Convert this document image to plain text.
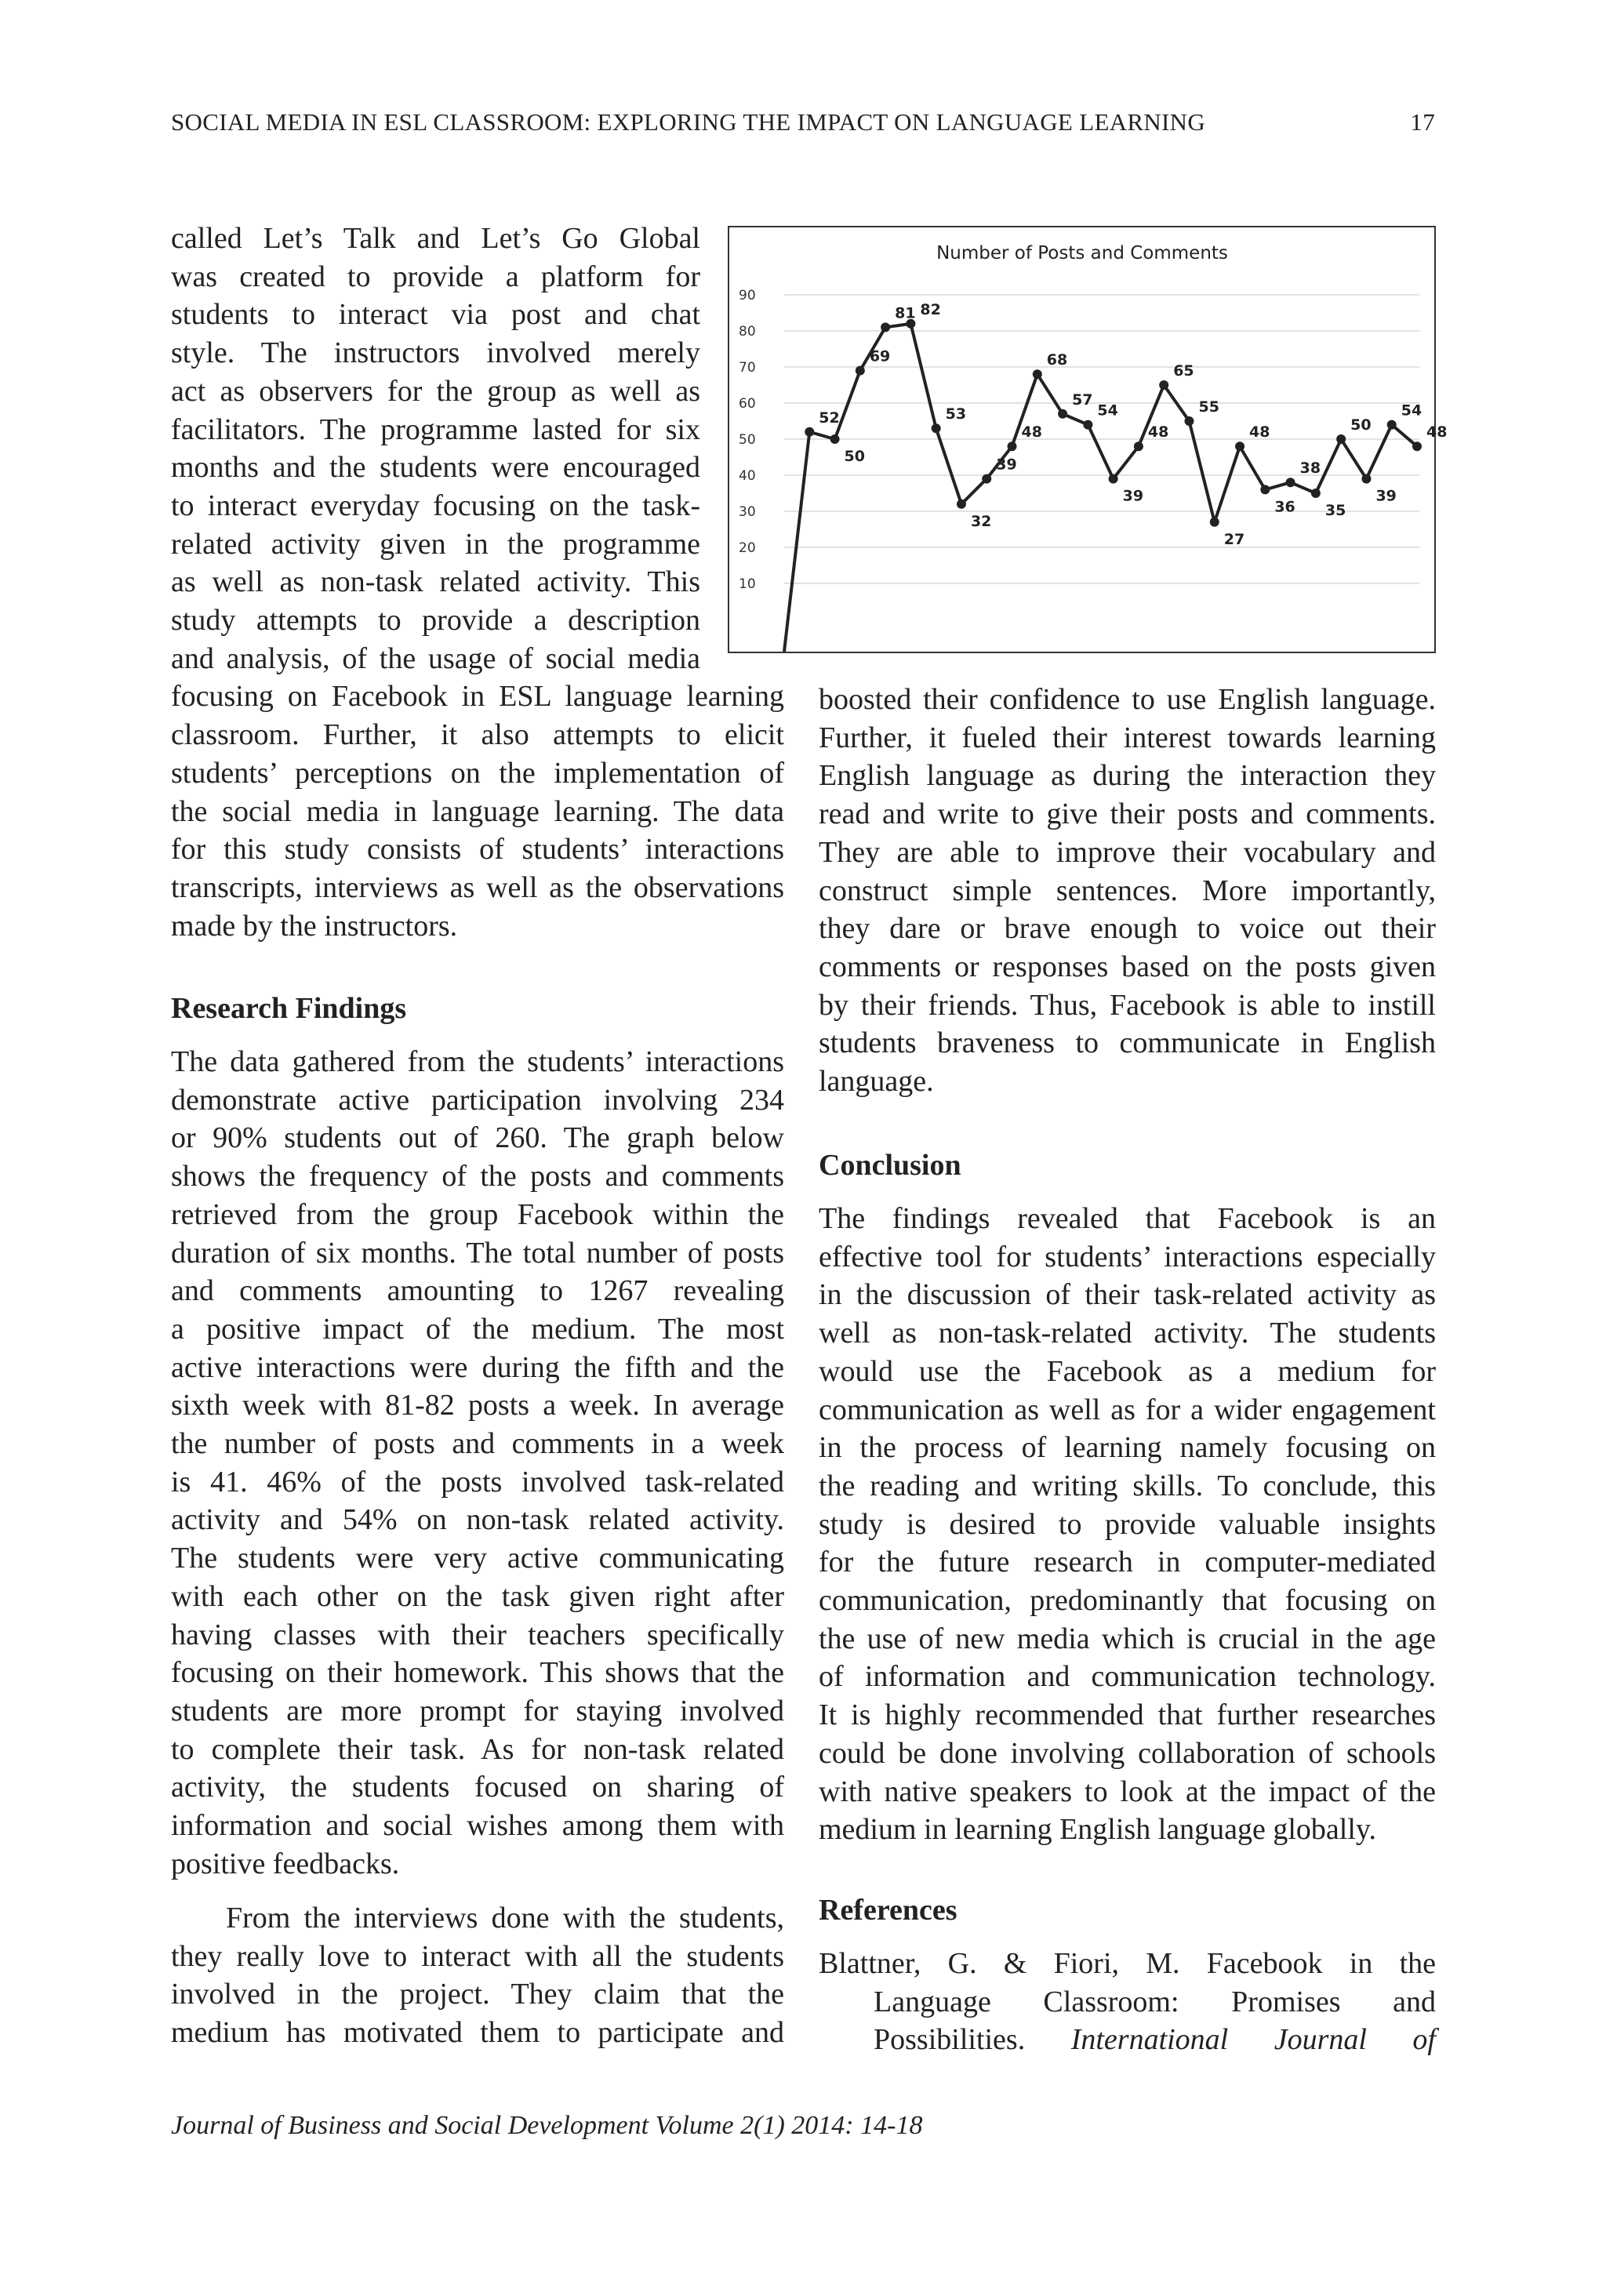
SOCIAL MEDIA IN ESL CLASSROOM: EXPLORING THE IMPACT ON LANGUAGE LEARNING	17
called Let’s Talk and Let’s Go Global
was created to provide a platform for
students to interact via post and chat
style. The instructors involved merely
act as observers for the group as well as
facilitators. The programme lasted for six
months and the students were encouraged
to interact everyday focusing on the task-
related activity given in the programme
as well as non-task related activity. This
study attempts to provide a description
and analysis, of the usage of social media
focusing on Facebook in ESL language learning
classroom. Further, it also attempts to elicit
students’ perceptions on the implementation of
the social media in language learning. The data
for this study consists of students’ interactions
transcripts, interviews as well as the observations
made by the instructors.
Research Findings
The data gathered from the students’ interactions
demonstrate active participation involving 234
or 90% students out of 260. The graph below
shows the frequency of the posts and comments
retrieved from the group Facebook within the
duration of six months. The total number of posts
and comments amounting to 1267 revealing
a positive impact of the medium. The most
active interactions were during the fifth and the
sixth week with 81-82 posts a week. In average
the number of posts and comments in a week
is 41. 46% of the posts involved task-related
activity and 54% on non-task related activity.
The students were very active communicating
with each other on the task given right after
having classes with their teachers specifically
focusing on their homework. This shows that the
students are more prompt for staying involved
to complete their task. As for non-task related
activity, the students focused on sharing of
information and social wishes among them with
positive feedbacks.
From the interviews done with the students,
they really love to interact with all the students
involved in the project. They claim that the
medium has motivated them to participate and
Number of Posts and Comments
10
20
30
40
50
60
70
80
90
52
50
69
81 82
53
32
39
48
68
57
54
39
48
65
55
27
48
36
38
35
50
39
54
48
boosted their confidence to use English language.
Further, it fueled their interest towards learning
English language as during the interaction they
read and write to give their posts and comments.
They are able to improve their vocabulary and
construct simple sentences. More importantly,
they dare or brave enough to voice out their
comments or responses based on the posts given
by their friends. Thus, Facebook is able to instill
students braveness to communicate in English
language.
Conclusion
The findings revealed that Facebook is an
effective tool for students’ interactions especially
in the discussion of their task-related activity as
well as non-task-related activity. The students
would use the Facebook as a medium for
communication as well as for a wider engagement
in the process of learning namely focusing on
the reading and writing skills. To conclude, this
study is desired to provide valuable insights
for the future research in computer-mediated
communication, predominantly that focusing on
the use of new media which is crucial in the age
of information and communication technology.
It is highly recommended that further researches
could be done involving collaboration of schools
with native speakers to look at the impact of the
medium in learning English language globally.
References
Blattner, G. & Fiori, M. Facebook in the
Language Classroom: Promises and
Possibilities. International Journal of
Journal of Business and Social Development Volume 2(1) 2014: 14-18
